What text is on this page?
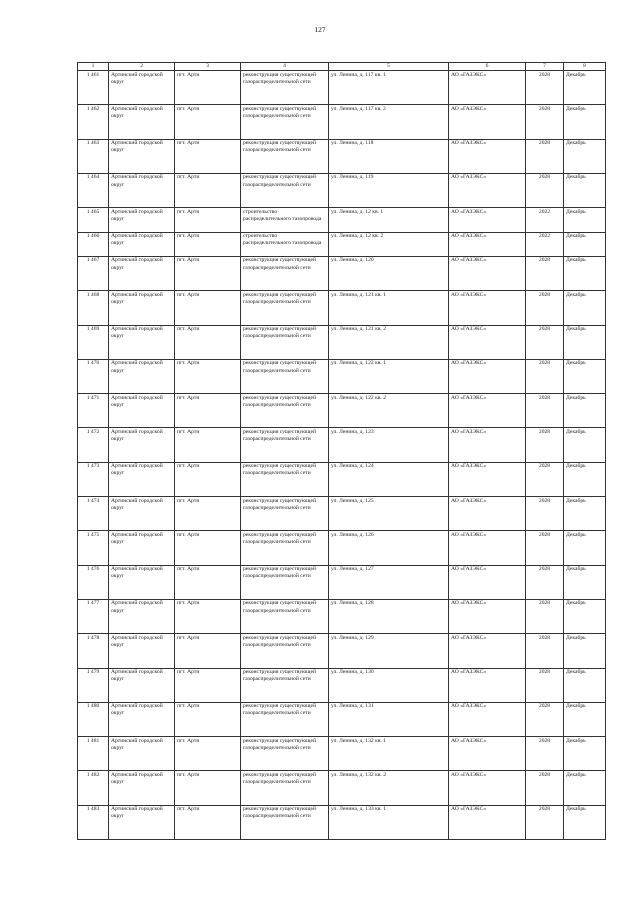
127
1	2	3	4	5	6	7	8
1 461	Артинский городской округ	пгт. Арти	реконструкция существующей газораспределительной сети	ул. Ленина, д. 117 кв. 1	АО «ГАЗЭКС»	2028	Декабрь
1 462	Артинский городской округ	пгт. Арти	реконструкция существующей газораспределительной сети	ул. Ленина, д. 117 кв. 2	АО «ГАЗЭКС»	2028	Декабрь
1 463	Артинский городской округ	пгт. Арти	реконструкция существующей газораспределительной сети	ул. Ленина, д. 118	АО «ГАЗЭКС»	2028	Декабрь
1 464	Артинский городской округ	пгт. Арти	реконструкция существующей газораспределительной сети	ул. Ленина, д. 119	АО «ГАЗЭКС»	2028	Декабрь
1 465	Артинский городской округ	пгт. Арти	строительство распределительного газопровода	ул. Ленина, д. 12 кв. 1	АО «ГАЗЭКС»	2022	Декабрь
1 466	Артинский городской округ	пгт. Арти	строительство распределительного газопровода	ул. Ленина, д. 12 кв. 2	АО «ГАЗЭКС»	2022	Декабрь
1 467	Артинский городской округ	пгт. Арти	реконструкция существующей газораспределительной сети	ул. Ленина, д. 120	АО «ГАЗЭКС»	2028	Декабрь
1 468	Артинский городской округ	пгт. Арти	реконструкция существующей газораспределительной сети	ул. Ленина, д. 121 кв. 1	АО «ГАЗЭКС»	2028	Декабрь
1 469	Артинский городской округ	пгт. Арти	реконструкция существующей газораспределительной сети	ул. Ленина, д. 121 кв. 2	АО «ГАЗЭКС»	2028	Декабрь
1 470	Артинский городской округ	пгт. Арти	реконструкция существующей газораспределительной сети	ул. Ленина, д. 122 кв. 1	АО «ГАЗЭКС»	2028	Декабрь
1 471	Артинский городской округ	пгт. Арти	реконструкция существующей газораспределительной сети	ул. Ленина, д. 122 кв. 2	АО «ГАЗЭКС»	2028	Декабрь
1 472	Артинский городской округ	пгт. Арти	реконструкция существующей газораспределительной сети	ул. Ленина, д. 123	АО «ГАЗЭКС»	2028	Декабрь
1 473	Артинский городской округ	пгт. Арти	реконструкция существующей газораспределительной сети	ул. Ленина, д. 124	АО «ГАЗЭКС»	2028	Декабрь
1 474	Артинский городской округ	пгт. Арти	реконструкция существующей газораспределительной сети	ул. Ленина, д. 125	АО «ГАЗЭКС»	2028	Декабрь
1 475	Артинский городской округ	пгт. Арти	реконструкция существующей газораспределительной сети	ул. Ленина, д. 126	АО «ГАЗЭКС»	2028	Декабрь
1 476	Артинский городской округ	пгт. Арти	реконструкция существующей газораспределительной сети	ул. Ленина, д. 127	АО «ГАЗЭКС»	2028	Декабрь
1 477	Артинский городской округ	пгт. Арти	реконструкция существующей газораспределительной сети	ул. Ленина, д. 128	АО «ГАЗЭКС»	2028	Декабрь
1 478	Артинский городской округ	пгт. Арти	реконструкция существующей газораспределительной сети	ул. Ленина, д. 129	АО «ГАЗЭКС»	2028	Декабрь
1 479	Артинский городской округ	пгт. Арти	реконструкция существующей газораспределительной сети	ул. Ленина, д. 130	АО «ГАЗЭКС»	2028	Декабрь
1 480	Артинский городской округ	пгт. Арти	реконструкция существующей газораспределительной сети	ул. Ленина, д. 131	АО «ГАЗЭКС»	2028	Декабрь
1 481	Артинский городской округ	пгт. Арти	реконструкция существующей газораспределительной сети	ул. Ленина, д. 132 кв. 1	АО «ГАЗЭКС»	2028	Декабрь
1 482	Артинский городской округ	пгт. Арти	реконструкция существующей газораспределительной сети	ул. Ленина, д. 132 кв. 2	АО «ГАЗЭКС»	2028	Декабрь
1 483	Артинский городской округ	пгт. Арти	реконструкция существующей газораспределительной сети	ул. Ленина, д. 133 кв. 1	АО «ГАЗЭКС»	2028	Декабрь
